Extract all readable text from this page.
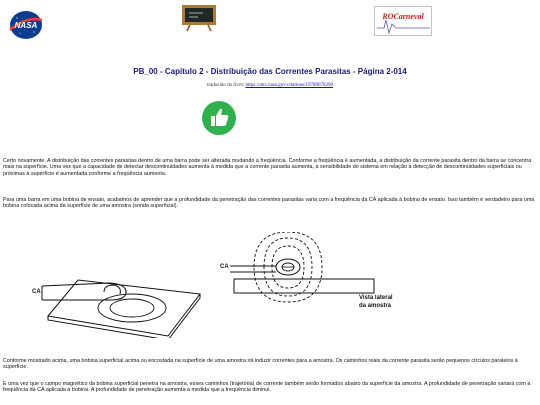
NASA
ROCarneval
PB_00 - Capítulo 2 - Distribuição das Correntes Parasitas - Página 2-014
traduzido do livro: https://ntrs.nasa.gov/citations/19780078298

Certo novamente. A distribuição das correntes parasitas dentro de uma barra pode ser alterada mudando a freqüência. Conforme a freqüência é aumentada, a distribuição da corrente parasita dentro da barra se concentra mais na superfície. Uma vez que a capacidade de detectar descontinuidades aumenta à medida que a corrente parasita aumenta, a sensibilidade do sistema em relação à detecção de descontinuidades superficiais ou próximas à superfície é aumentada conforme a freqüência aumenta.

Para uma barra em uma bobina de ensaio, acabamos de aprender que a profundidade da penetração das correntes parasitas varia com a freqüência da CA aplicada à bobina de ensaio. Isso também é verdadeiro para uma bobina colocada acima da superfície de uma amostra (sonda superficial).

CA
CA
Vista lateral
da amostra

Conforme mostrado acima, uma bobina superficial acima ou encostada na superfície de uma amostra irá induzir correntes para a amostra. Os caminhos reais da corrente parasita serão pequenos círculos paralelos à superfície.

E uma vez que o campo magnético da bobina superficial penetra na amostra, esses caminhos (trajetória) de corrente também serão formados abaixo da superfície da amostra. A profundidade de penetração variará com a freqüência da CA aplicada à bobina. A profundidade de penetração aumenta à medida que a freqüência diminui.
